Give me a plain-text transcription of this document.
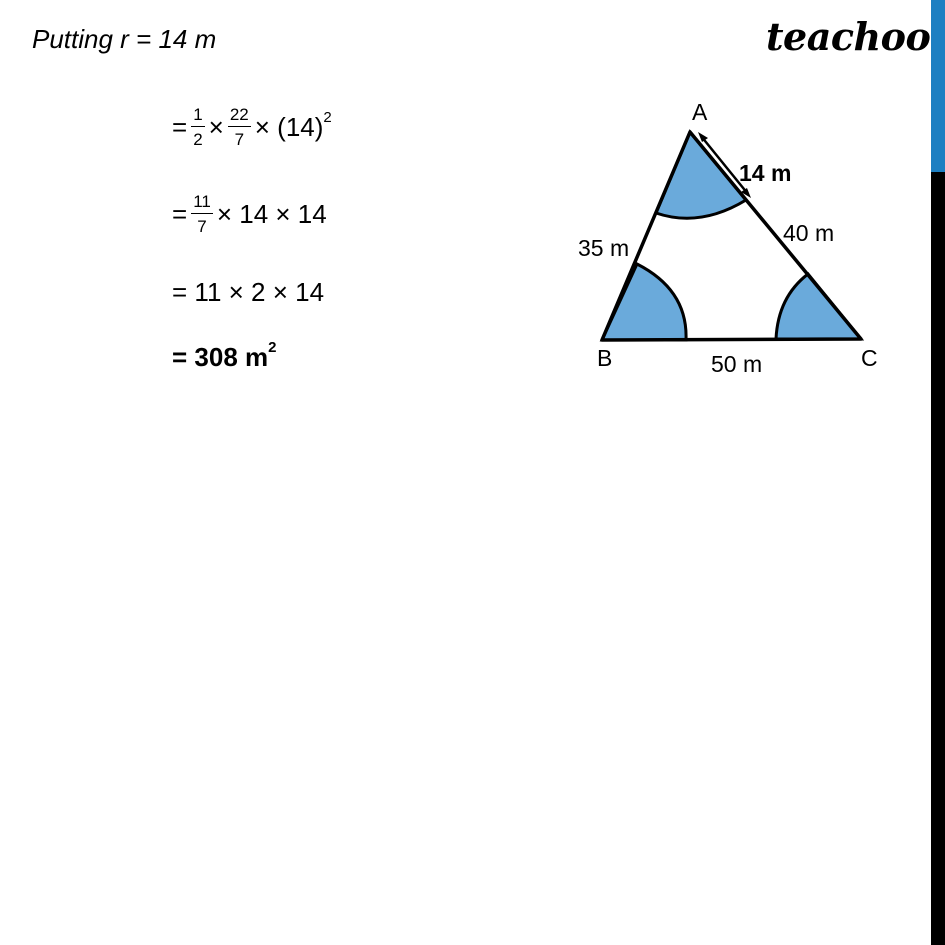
Putting r = 14 m	teachoo
= $\frac{1}{2} \times \frac{22}{7} \times (14)$ 2
= $\frac{11}{7} \times 14 \times 14$
= 11 × 2 × 14
= 308 m 2
A
B	C
35 m
40 m
50 m
14 m
